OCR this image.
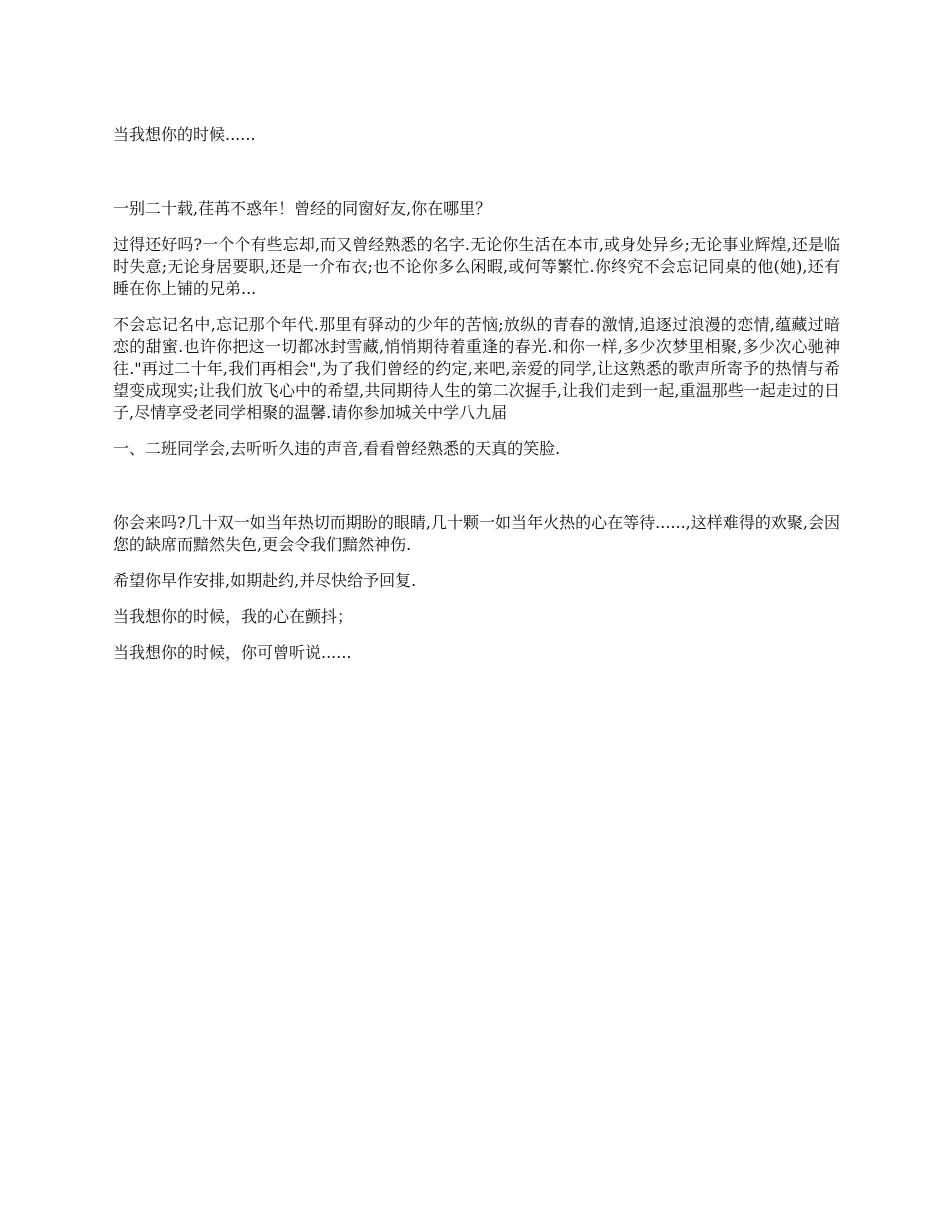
当我想你的时候......

一别二十载,荏苒不惑年！曾经的同窗好友,你在哪里？

过得还好吗?一个个有些忘却,而又曾经熟悉的名字.无论你生活在本市,或身处异乡;无论事业辉煌,还是临时失意;无论身居要职,还是一介布衣;也不论你多么闲暇,或何等繁忙.你终究不会忘记同桌的他(她),还有睡在你上铺的兄弟...

不会忘记名中,忘记那个年代.那里有驿动的少年的苦恼;放纵的青春的激情,追逐过浪漫的恋情,蕴藏过暗恋的甜蜜.也许你把这一切都冰封雪藏,悄悄期待着重逢的春光.和你一样,多少次梦里相聚,多少次心驰神往."再过二十年,我们再相会",为了我们曾经的约定,来吧,亲爱的同学,让这熟悉的歌声所寄予的热情与希望变成现实;让我们放飞心中的希望,共同期待人生的第二次握手,让我们走到一起,重温那些一起走过的日子,尽情享受老同学相聚的温馨.请你参加城关中学八九届

一、二班同学会,去听听久违的声音,看看曾经熟悉的天真的笑脸.

你会来吗?几十双一如当年热切而期盼的眼睛,几十颗一如当年火热的心在等待......,这样难得的欢聚,会因您的缺席而黯然失色,更会令我们黯然神伤.

希望你早作安排,如期赴约,并尽快给予回复.

当我想你的时候，我的心在颤抖；

当我想你的时候，你可曾听说......
